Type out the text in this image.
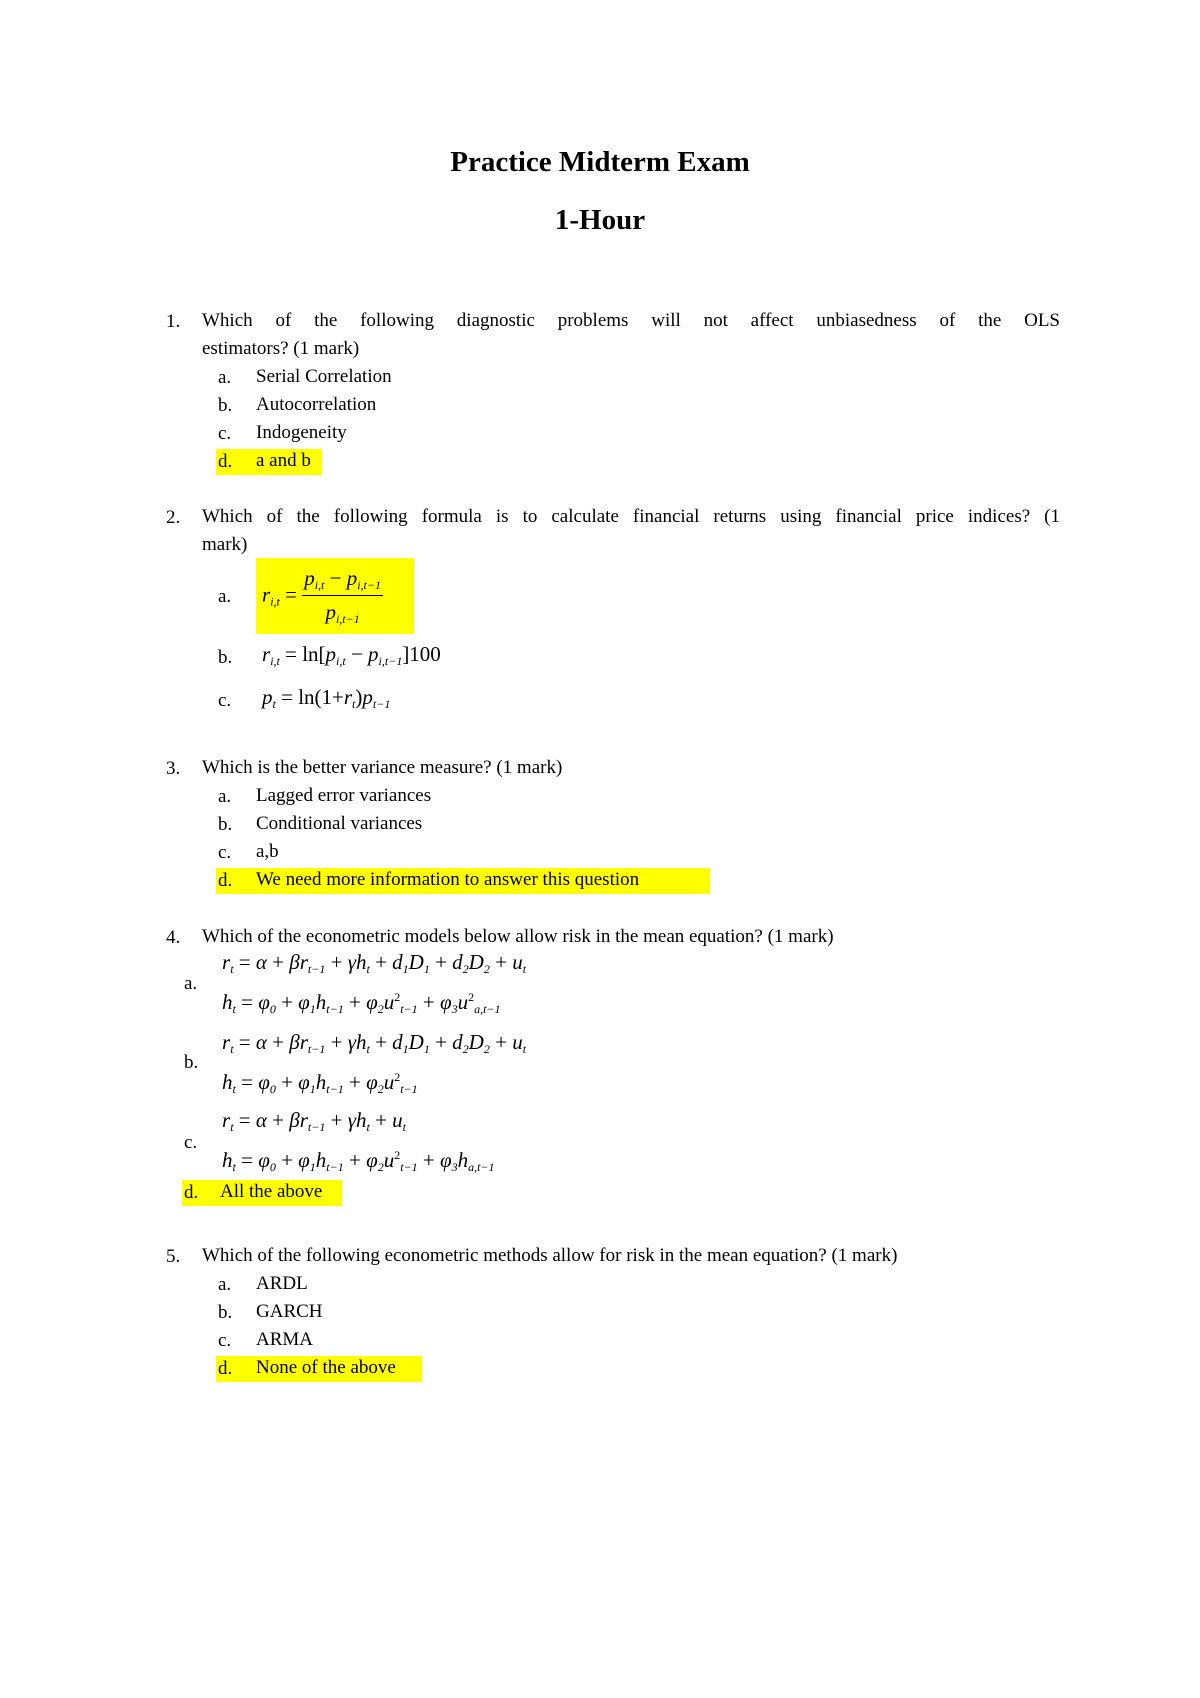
Practice Midterm Exam
1-Hour
1. Which of the following diagnostic problems will not affect unbiasedness of the OLS
estimators? (1 mark)
a. Serial Correlation
b. Autocorrelation
c. Indogeneity
d. a and b
2. Which of the following formula is to calculate financial returns using financial price indices? (1
mark)
a. $r_{i,t} = \frac{p_{i,t} - p_{i,t-1}}{p_{i,t-1}}$
b. $r_{i,t} = \ln[p_{i,t} - p_{i,t-1}]100$
c. $p_t = \ln(1+r_t)p_{t-1}$
3. Which is the better variance measure? (1 mark)
a. Lagged error variances
b. Conditional variances
c. a,b
d. We need more information to answer this question
4. Which of the econometric models below allow risk in the mean equation? (1 mark)
a.
$r_t = \alpha + \beta r_{t-1} + \gamma h_t + d_1D_1 + d_2D_2 + u_t$
$h_t = \varphi_0 + \varphi_1h_{t-1} + \varphi_2u^2_{t-1} + \varphi_3u^2_{a,t-1}$
b.
$r_t = \alpha + \beta r_{t-1} + \gamma h_t + d_1D_1 + d_2D_2 + u_t$
$h_t = \varphi_0 + \varphi_1h_{t-1} + \varphi_2u^2_{t-1}$
c.
$r_t = \alpha + \beta r_{t-1} + \gamma h_t + u_t$
$h_t = \varphi_0 + \varphi_1h_{t-1} + \varphi_2u^2_{t-1} + \varphi_3h_{a,t-1}$
d. All the above
5. Which of the following econometric methods allow for risk in the mean equation? (1 mark)
a. ARDL
b. GARCH
c. ARMA
d. None of the above
